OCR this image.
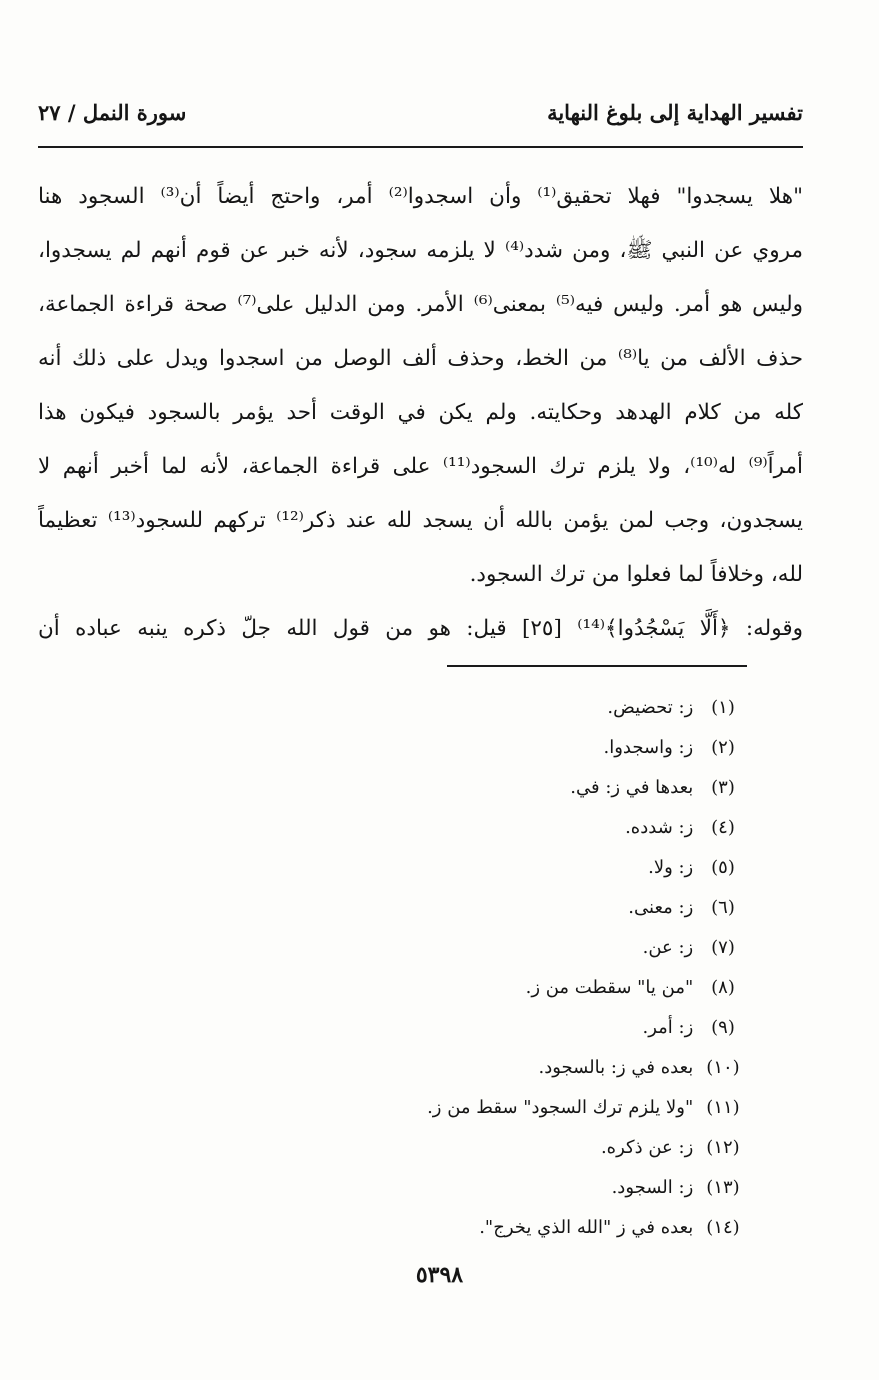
تفسير الهداية إلى بلوغ النهاية
سورة النمل / ٢٧
"هلا يسجدوا" فهلا تحقيق⁽¹⁾ وأن اسجدوا⁽²⁾ أمر، واحتج أيضاً أن⁽³⁾ السجود هنا
مروي عن النبي ﷺ، ومن شدد⁽⁴⁾ لا يلزمه سجود، لأنه خبر عن قوم أنهم لم يسجدوا،
وليس هو أمر. وليس فيه⁽⁵⁾ بمعنى⁽⁶⁾ الأمر. ومن الدليل على⁽⁷⁾ صحة قراءة الجماعة،
حذف الألف من يا⁽⁸⁾ من الخط، وحذف ألف الوصل من اسجدوا ويدل على ذلك أنه
كله من كلام الهدهد وحكايته. ولم يكن في الوقت أحد يؤمر بالسجود فيكون هذا
أمراً⁽⁹⁾ له⁽¹⁰⁾، ولا يلزم ترك السجود⁽¹¹⁾ على قراءة الجماعة، لأنه لما أخبر أنهم لا
يسجدون، وجب لمن يؤمن بالله أن يسجد لله عند ذكر⁽¹²⁾ تركهم للسجود⁽¹³⁾ تعظيماً
لله، وخلافاً لما فعلوا من ترك السجود.
وقوله: ﴿أَلَّا يَسْجُدُوا﴾⁽¹⁴⁾ [٢٥] قيل: هو من قول الله جلّ ذكره ينبه عباده أن
(١) ز: تحضيض.
(٢) ز: واسجدوا.
(٣) بعدها في ز: في.
(٤) ز: شدده.
(٥) ز: ولا.
(٦) ز: معنى.
(٧) ز: عن.
(٨) "من يا" سقطت من ز.
(٩) ز: أمر.
(١٠) بعده في ز: بالسجود.
(١١) "ولا يلزم ترك السجود" سقط من ز.
(١٢) ز: عن ذكره.
(١٣) ز: السجود.
(١٤) بعده في ز "الله الذي يخرج".
٥٣٩٨
